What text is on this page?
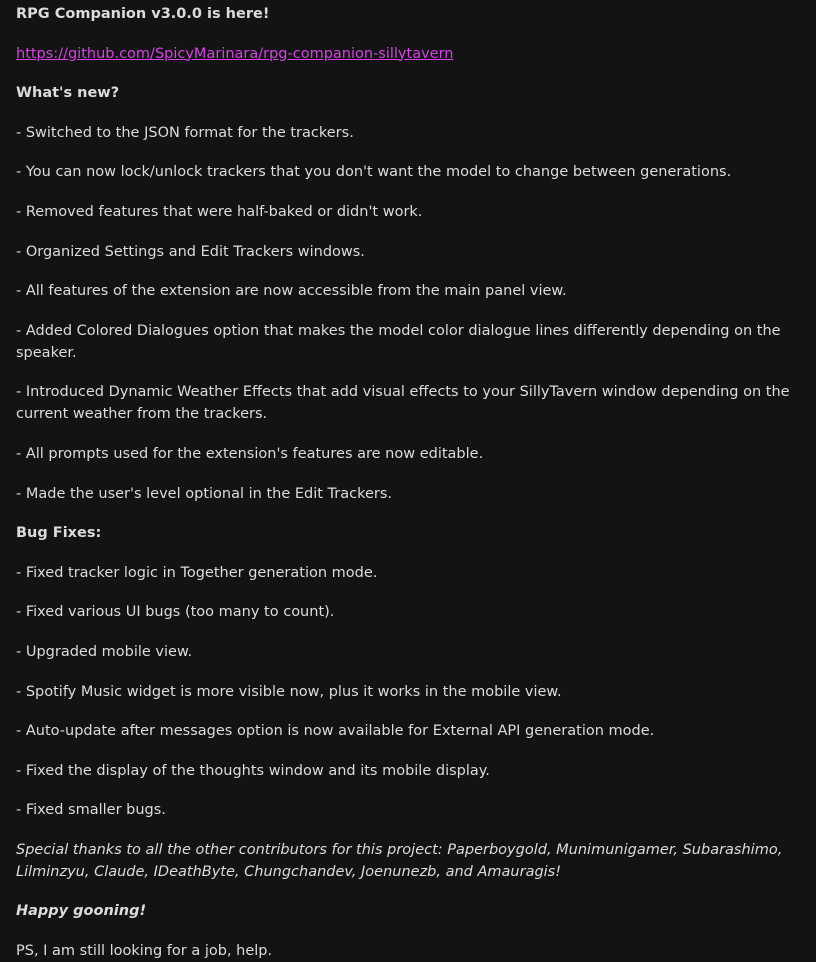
RPG Companion v3.0.0 is here!

https://github.com/SpicyMarinara/rpg-companion-sillytavern

What's new?

- Switched to the JSON format for the trackers.

- You can now lock/unlock trackers that you don't want the model to change between generations.

- Removed features that were half-baked or didn't work.

- Organized Settings and Edit Trackers windows.

- All features of the extension are now accessible from the main panel view.

- Added Colored Dialogues option that makes the model color dialogue lines differently depending on the speaker.

- Introduced Dynamic Weather Effects that add visual effects to your SillyTavern window depending on the current weather from the trackers.

- All prompts used for the extension's features are now editable.

- Made the user's level optional in the Edit Trackers.

Bug Fixes:

- Fixed tracker logic in Together generation mode.

- Fixed various UI bugs (too many to count).

- Upgraded mobile view.

- Spotify Music widget is more visible now, plus it works in the mobile view.

- Auto-update after messages option is now available for External API generation mode.

- Fixed the display of the thoughts window and its mobile display.

- Fixed smaller bugs.

Special thanks to all the other contributors for this project: Paperboygold, Munimunigamer, Subarashimo, Lilminzyu, Claude, IDeathByte, Chungchandev, Joenunezb, and Amauragis!

Happy gooning!

PS, I am still looking for a job, help.
